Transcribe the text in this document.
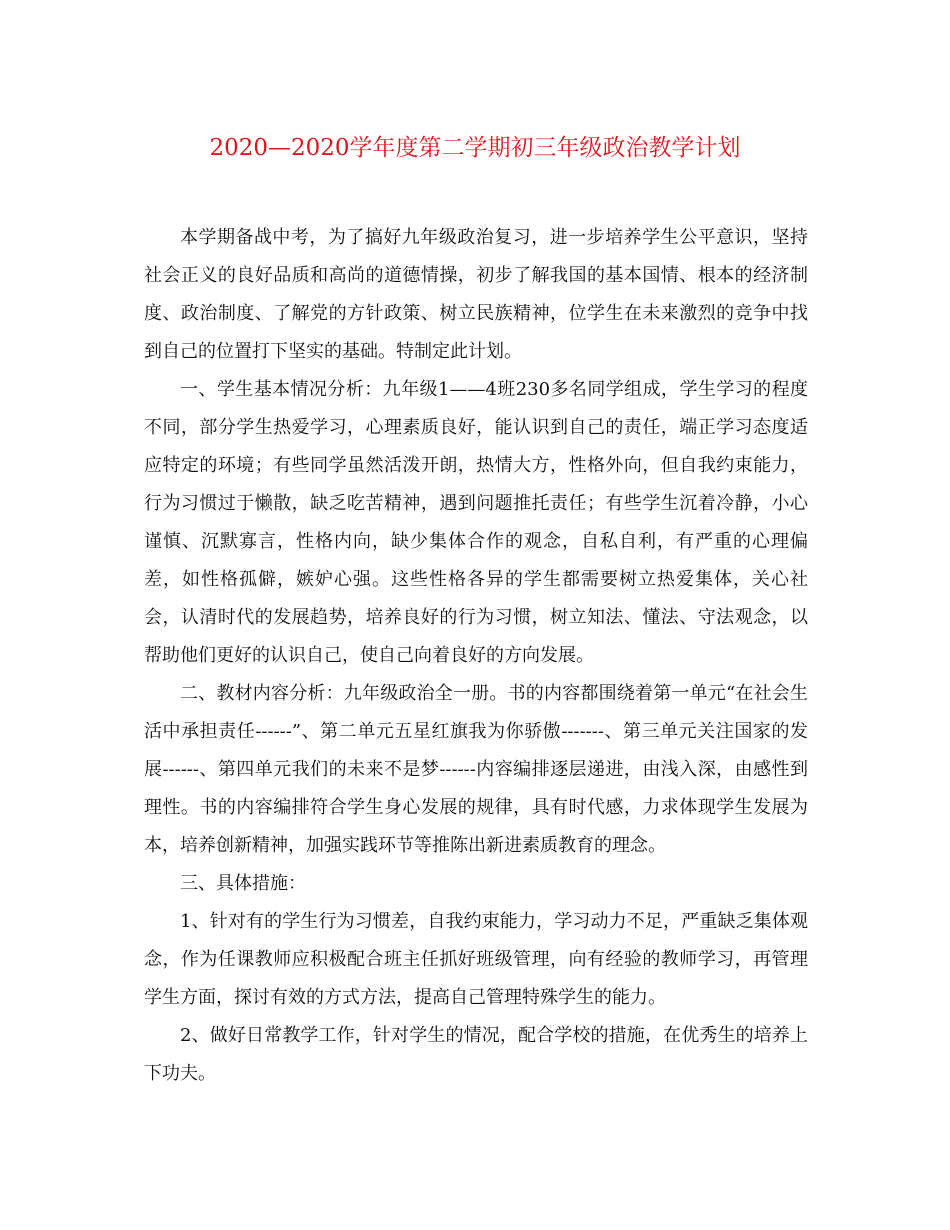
2020—2020学年度第二学期初三年级政治教学计划

本学期备战中考，为了搞好九年级政治复习，进一步培养学生公平意识，坚持社会正义的良好品质和高尚的道德情操，初步了解我国的基本国情、根本的经济制度、政治制度、了解党的方针政策、树立民族精神，位学生在未来激烈的竞争中找到自己的位置打下坚实的基础。特制定此计划。

一、学生基本情况分析：九年级1——4班230多名同学组成，学生学习的程度不同，部分学生热爱学习，心理素质良好，能认识到自己的责任，端正学习态度适应特定的环境；有些同学虽然活泼开朗，热情大方，性格外向，但自我约束能力，行为习惯过于懒散，缺乏吃苦精神，遇到问题推托责任；有些学生沉着冷静，小心谨慎、沉默寡言，性格内向，缺少集体合作的观念，自私自利，有严重的心理偏差，如性格孤僻，嫉妒心强。这些性格各异的学生都需要树立热爱集体，关心社会，认清时代的发展趋势，培养良好的行为习惯，树立知法、懂法、守法观念，以帮助他们更好的认识自己，使自己向着良好的方向发展。

二、教材内容分析：九年级政治全一册。书的内容都围绕着第一单元“在社会生活中承担责任------”、第二单元五星红旗我为你骄傲-------、第三单元关注国家的发展------、第四单元我们的未来不是梦------内容编排逐层递进，由浅入深，由感性到理性。书的内容编排符合学生身心发展的规律，具有时代感，力求体现学生发展为本，培养创新精神，加强实践环节等推陈出新进素质教育的理念。

三、具体措施：

1、针对有的学生行为习惯差，自我约束能力，学习动力不足，严重缺乏集体观念，作为任课教师应积极配合班主任抓好班级管理，向有经验的教师学习，再管理学生方面，探讨有效的方式方法，提高自己管理特殊学生的能力。

2、做好日常教学工作，针对学生的情况，配合学校的措施，在优秀生的培养上下功夫。
